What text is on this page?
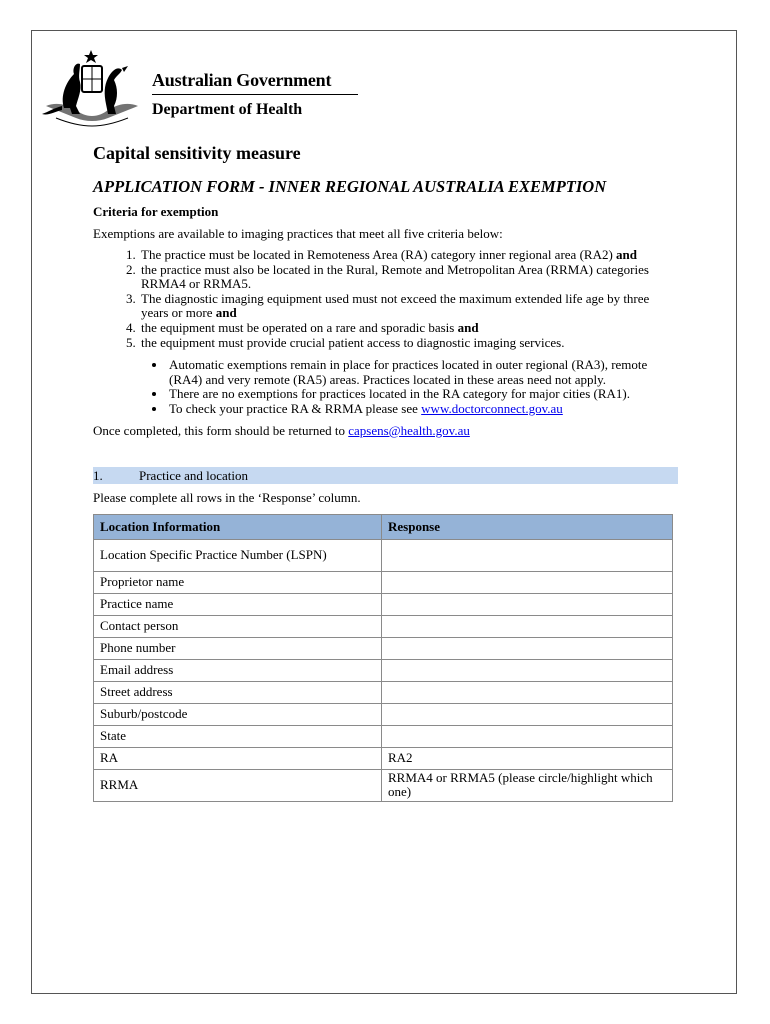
Australian Government
Department of Health
Capital sensitivity measure
APPLICATION FORM - INNER REGIONAL AUSTRALIA EXEMPTION
Criteria for exemption

Exemptions are available to imaging practices that meet all five criteria below:

1. The practice must be located in Remoteness Area (RA) category inner regional area (RA2) and
2. the practice must also be located in the Rural, Remote and Metropolitan Area (RRMA) categories RRMA4 or RRMA5.
3. The diagnostic imaging equipment used must not exceed the maximum extended life age by three years or more and
4. the equipment must be operated on a rare and sporadic basis and
5. the equipment must provide crucial patient access to diagnostic imaging services.
• Automatic exemptions remain in place for practices located in outer regional (RA3), remote (RA4) and very remote (RA5) areas. Practices located in these areas need not apply.
• There are no exemptions for practices located in the RA category for major cities (RA1).
• To check your practice RA & RRMA please see www.doctorconnect.gov.au

Once completed, this form should be returned to capsens@health.gov.au

1.	Practice and location

Please complete all rows in the ‘Response’ column.

Location Information	Response
Location Specific Practice Number (LSPN)	
Proprietor name	
Practice name	
Contact person	
Phone number	
Email address	
Street address	
Suburb/postcode	
State	
RA	RA2
RRMA	RRMA4 or RRMA5 (please circle/highlight which one)
